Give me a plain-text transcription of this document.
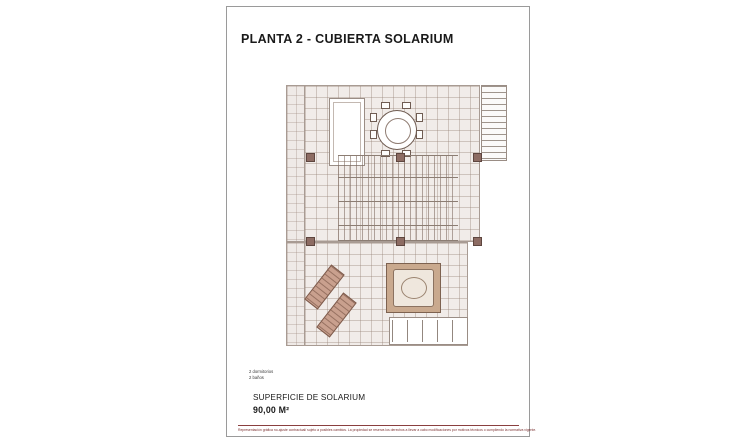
PLANTA 2 - CUBIERTA SOLARIUM
2 dormitorios
2 baños
SUPERFICIE DE SOLARIUM
90,00 M²
Representación gráfica no-ajuste contractual/ sujeto a posibles cambios. La propiedad se reserva los derechos a llevar a cabo modificaciones por motivos técnicos o cumpliendo la normativa vigente.
